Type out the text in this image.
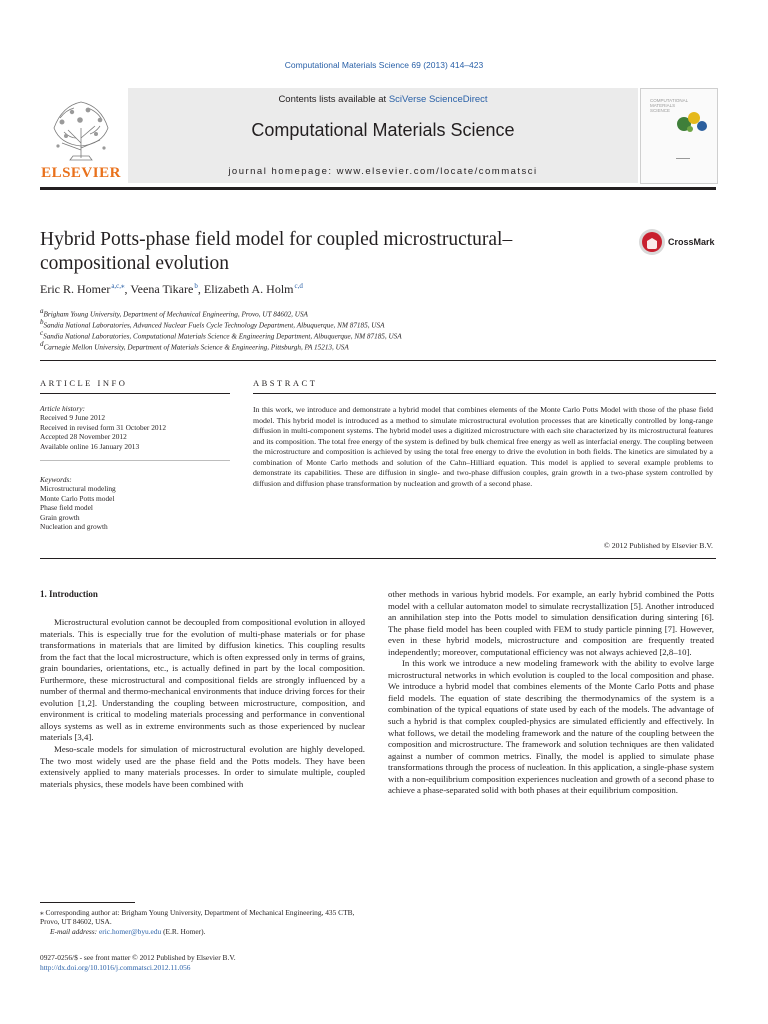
Computational Materials Science 69 (2013) 414–423
ELSEVIER
Contents lists available at SciVerse ScienceDirect
Computational Materials Science
journal homepage: www.elsevier.com/locate/commatsci
COMPUTATIONAL MATERIALS SCIENCE
Hybrid Potts-phase field model for coupled microstructural–compositional evolution
CrossMark
Eric R. Homer $^{a,c,⁎}$, Veena Tikare $^b$, Elizabeth A. Holm $^{c,d}$
$^a$Brigham Young University, Department of Mechanical Engineering, Provo, UT 84602, USA
$^b$Sandia National Laboratories, Advanced Nuclear Fuels Cycle Technology Department, Albuquerque, NM 87185, USA
$^c$Sandia National Laboratories, Computational Materials Science & Engineering Department, Albuquerque, NM 87185, USA
$^d$Carnegie Mellon University, Department of Materials Science & Engineering, Pittsburgh, PA 15213, USA
ARTICLE INFO
Article history:
Received 9 June 2012
Received in revised form 31 October 2012
Accepted 28 November 2012
Available online 16 January 2013
Keywords:
Microstructural modeling
Monte Carlo Potts model
Phase field model
Grain growth
Nucleation and growth
ABSTRACT
In this work, we introduce and demonstrate a hybrid model that combines elements of the Monte Carlo Potts Model with those of the phase field model. This hybrid model is introduced as a method to simulate microstructural evolution processes that are kinetically controlled by long-range diffusion in multi-component systems. The hybrid model uses a digitized microstructure with each site characterized by its microstructural features and its composition. The total free energy of the system is defined by bulk chemical free energy as well as interfacial energy. The coupling between the microstructure and composition is achieved by using the total free energy to drive the evolution in both fields. The kinetics are simulated by a combination of Monte Carlo methods and solution of the Cahn–Hilliard equation. This model is applied to several example problems to demonstrate its capabilities. These are diffusion in single- and two-phase diffusion couples, grain growth in a two-phase system controlled by diffusion and diffusion phase transformation by nucleation and growth of a second phase.
© 2012 Published by Elsevier B.V.
1. Introduction

Microstructural evolution cannot be decoupled from compositional evolution in alloyed materials. This is especially true for the evolution of multi-phase materials or for phase transformations in materials that are limited by diffusion kinetics. This coupling results from the fact that the local microstructure, which is often expressed only in terms of grains, grain boundaries, orientations, etc., is actually defined in part by the local composition. Furthermore, these microstructural and compositional fields are strongly influenced by a number of thermal and thermo-mechanical environments that induce driving forces for their evolution [1,2]. Understanding the coupling between microstructure, composition, and environment is critical to modeling materials processing and performance in conventional alloys systems as well as in extreme environments such as those experienced by nuclear materials [3,4].

Meso-scale models for simulation of microstructural evolution are highly developed. The two most widely used are the phase field and the Potts models. They have been extensively applied to many materials processes. In order to simulate multiple, coupled materials physics, these models have been combined with

other methods in various hybrid models. For example, an early hybrid combined the Potts model with a cellular automaton model to simulate recrystallization [5]. Another introduced an annihilation step into the Potts model to simulation densification during sintering [6]. The phase field model has been coupled with FEM to study particle pinning [7]. However, even in these hybrid models, microstructure and composition are frequently treated independently; moreover, computational efficiency was not always achieved [2,8–10].

In this work we introduce a new modeling framework with the ability to evolve large microstructural networks in which evolution is coupled to the local composition and phase. We introduce a hybrid model that combines elements of the Monte Carlo Potts and phase field models. The equation of state describing the thermodynamics of the system is a combination of the typical equations of state used by each of the models. The advantage of such a hybrid is that complex coupled-physics are simulated efficiently and effectively. In what follows, we detail the modeling framework and the nature of the coupling between the composition and microstructure. The framework and solution techniques are then validated against a number of common metrics. Finally, the model is applied to simulate phase transformations through the process of nucleation. In this application, a single-phase system with a non-equilibrium composition experiences nucleation and growth of a second phase to achieve a phase-separated solid with both phases at their equilibrium composition.

⁎ Corresponding author at: Brigham Young University, Department of Mechanical Engineering, 435 CTB, Provo, UT 84602, USA.
E-mail address: eric.homer@byu.edu (E.R. Homer).
0927-0256/$ - see front matter © 2012 Published by Elsevier B.V.
http://dx.doi.org/10.1016/j.commatsci.2012.11.056
